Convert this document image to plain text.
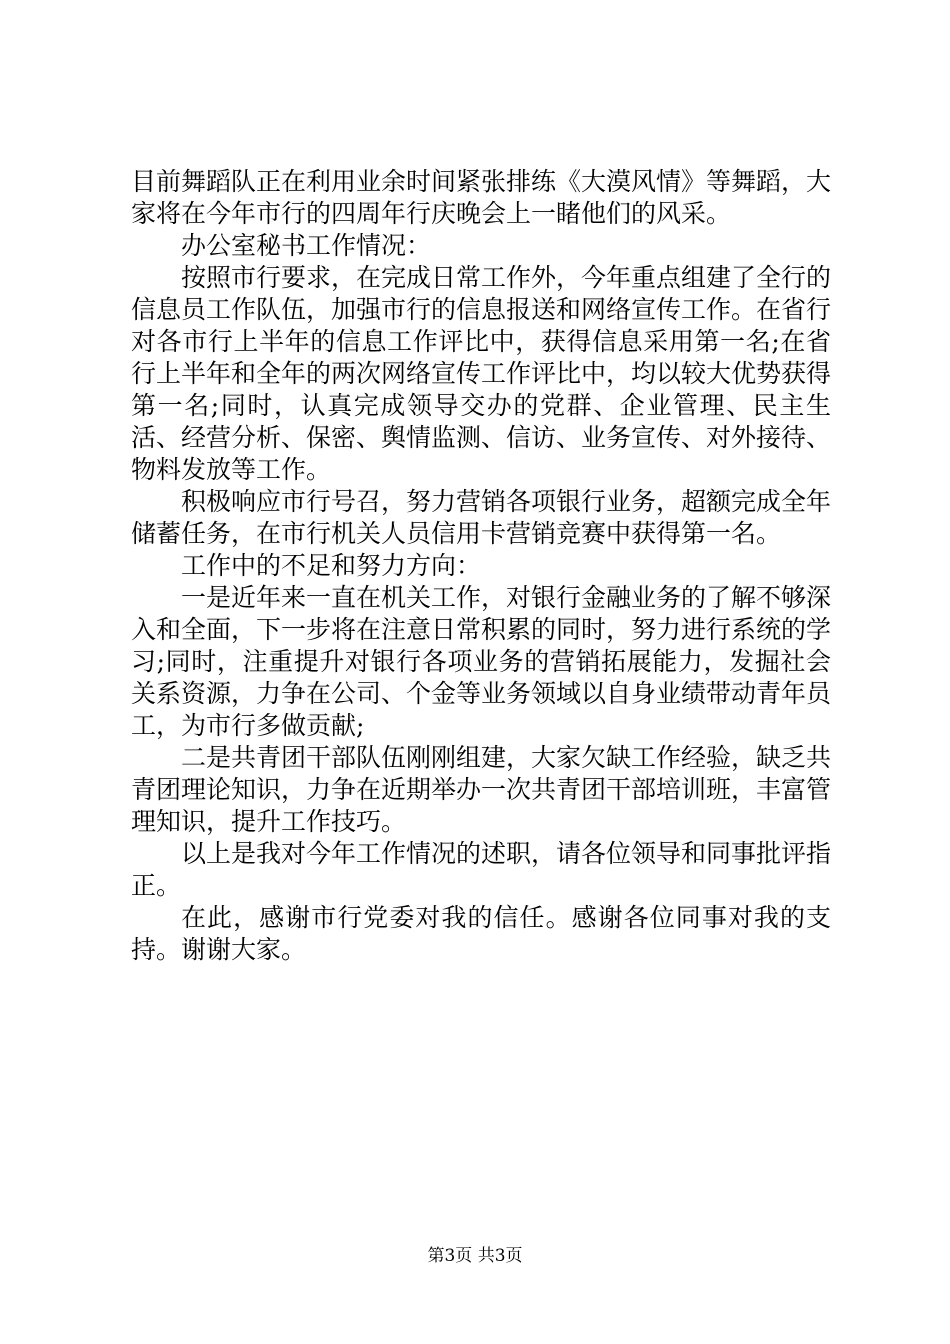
目前舞蹈队正在利用业余时间紧张排练《大漠风情》等舞蹈，大家将在今年市行的四周年行庆晚会上一睹他们的风采。

办公室秘书工作情况：

按照市行要求，在完成日常工作外，今年重点组建了全行的信息员工作队伍，加强市行的信息报送和网络宣传工作。在省行对各市行上半年的信息工作评比中，获得信息采用第一名;在省行上半年和全年的两次网络宣传工作评比中，均以较大优势获得第一名;同时，认真完成领导交办的党群、企业管理、民主生活、经营分析、保密、舆情监测、信访、业务宣传、对外接待、物料发放等工作。

积极响应市行号召，努力营销各项银行业务，超额完成全年储蓄任务，在市行机关人员信用卡营销竞赛中获得第一名。

工作中的不足和努力方向：

一是近年来一直在机关工作，对银行金融业务的了解不够深入和全面，下一步将在注意日常积累的同时，努力进行系统的学习;同时，注重提升对银行各项业务的营销拓展能力，发掘社会关系资源，力争在公司、个金等业务领域以自身业绩带动青年员工，为市行多做贡献;

二是共青团干部队伍刚刚组建，大家欠缺工作经验，缺乏共青团理论知识，力争在近期举办一次共青团干部培训班，丰富管理知识，提升工作技巧。

以上是我对今年工作情况的述职，请各位领导和同事批评指正。

在此，感谢市行党委对我的信任。感谢各位同事对我的支持。谢谢大家。

第3页 共3页
